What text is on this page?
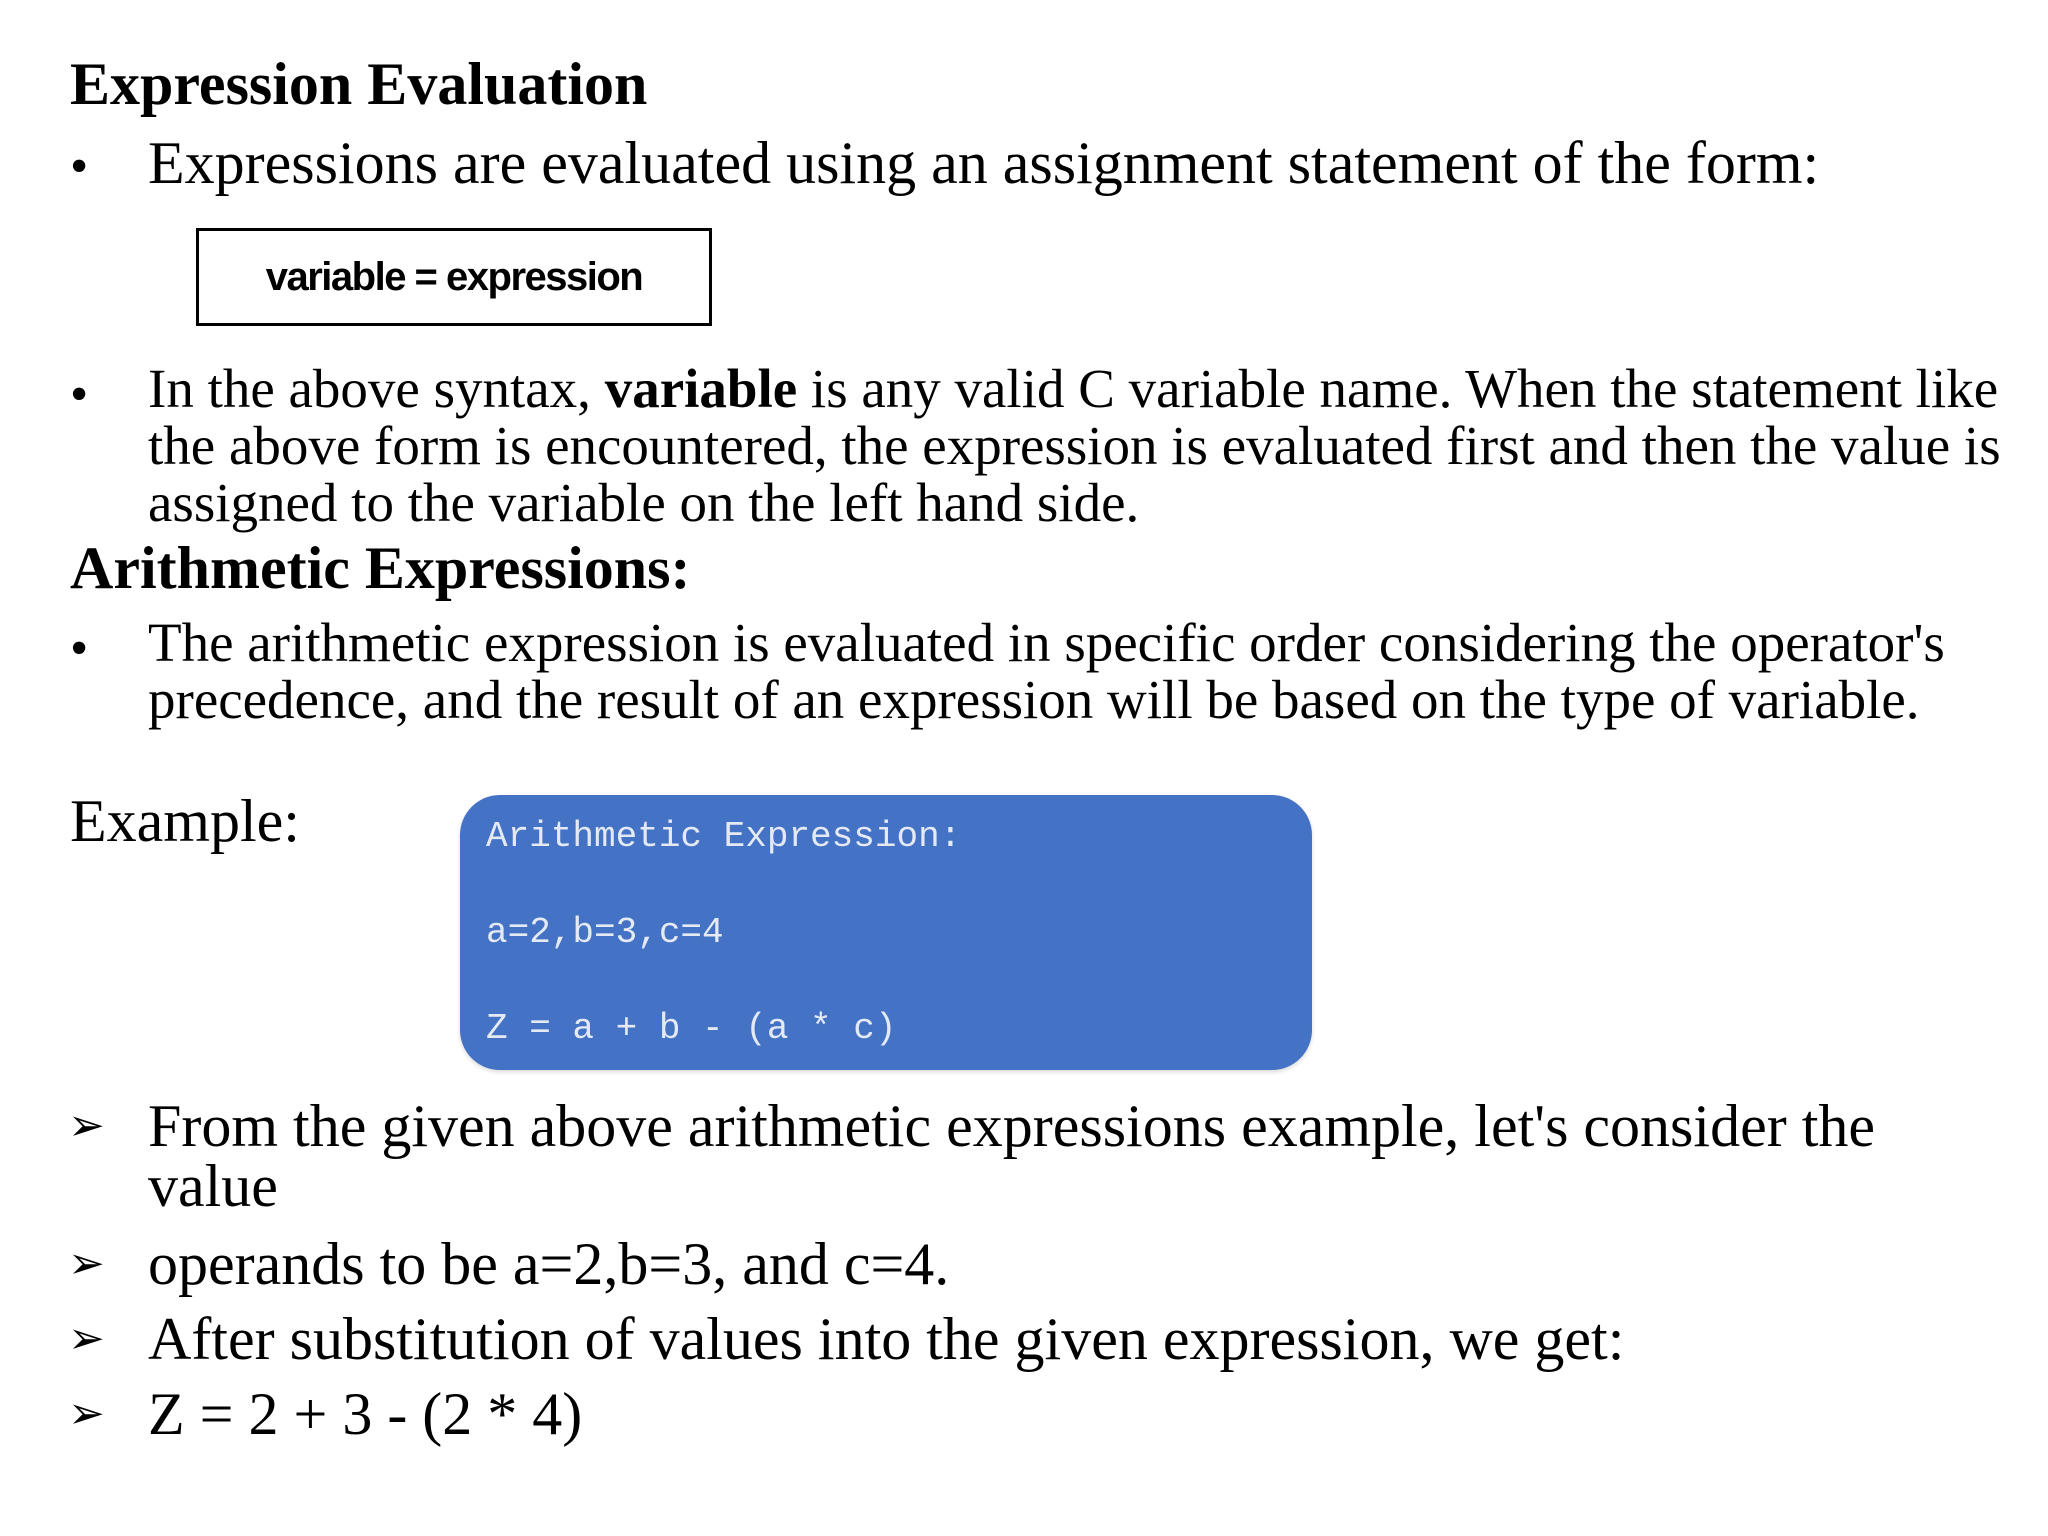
Expression Evaluation
• Expressions are evaluated using an assignment statement of the form:
variable = expression
• In the above syntax, variable is any valid C variable name. When the statement like the above form is encountered, the expression is evaluated first and then the value is assigned to the variable on the left hand side.
Arithmetic Expressions:
• The arithmetic expression is evaluated in specific order considering the operator's precedence, and the result of an expression will be based on the type of variable.
Example:	Arithmetic Expression:
a=2,b=3,c=4
Z = a + b - (a * c)
➢ From the given above arithmetic expressions example, let's consider the
value
➢ operands to be a=2,b=3, and c=4.
➢ After substitution of values into the given expression, we get:
➢ Z = 2 + 3 - (2 * 4)
